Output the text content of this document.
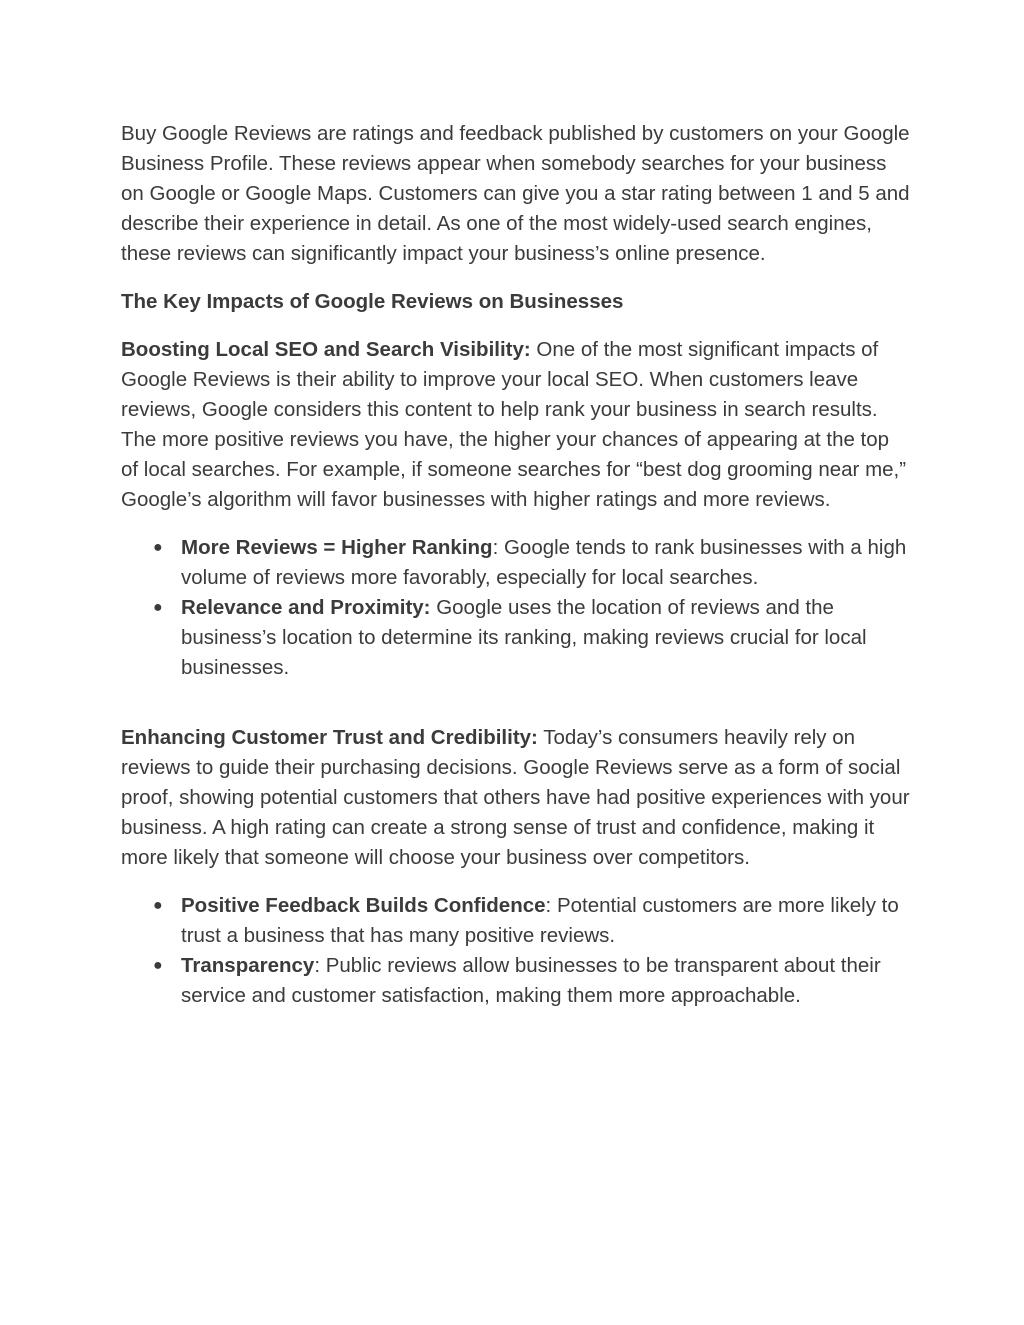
Buy Google Reviews are ratings and feedback published by customers on your Google Business Profile. These reviews appear when somebody searches for your business on Google or Google Maps. Customers can give you a star rating between 1 and 5 and describe their experience in detail. As one of the most widely-used search engines, these reviews can significantly impact your business’s online presence.

The Key Impacts of Google Reviews on Businesses

Boosting Local SEO and Search Visibility: One of the most significant impacts of Google Reviews is their ability to improve your local SEO. When customers leave reviews, Google considers this content to help rank your business in search results. The more positive reviews you have, the higher your chances of appearing at the top of local searches. For example, if someone searches for “best dog grooming near me,” Google’s algorithm will favor businesses with higher ratings and more reviews.

● More Reviews = Higher Ranking: Google tends to rank businesses with a high volume of reviews more favorably, especially for local searches.
● Relevance and Proximity: Google uses the location of reviews and the business’s location to determine its ranking, making reviews crucial for local businesses.

Enhancing Customer Trust and Credibility: Today’s consumers heavily rely on reviews to guide their purchasing decisions. Google Reviews serve as a form of social proof, showing potential customers that others have had positive experiences with your business. A high rating can create a strong sense of trust and confidence, making it more likely that someone will choose your business over competitors.

● Positive Feedback Builds Confidence: Potential customers are more likely to trust a business that has many positive reviews.
● Transparency: Public reviews allow businesses to be transparent about their service and customer satisfaction, making them more approachable.
